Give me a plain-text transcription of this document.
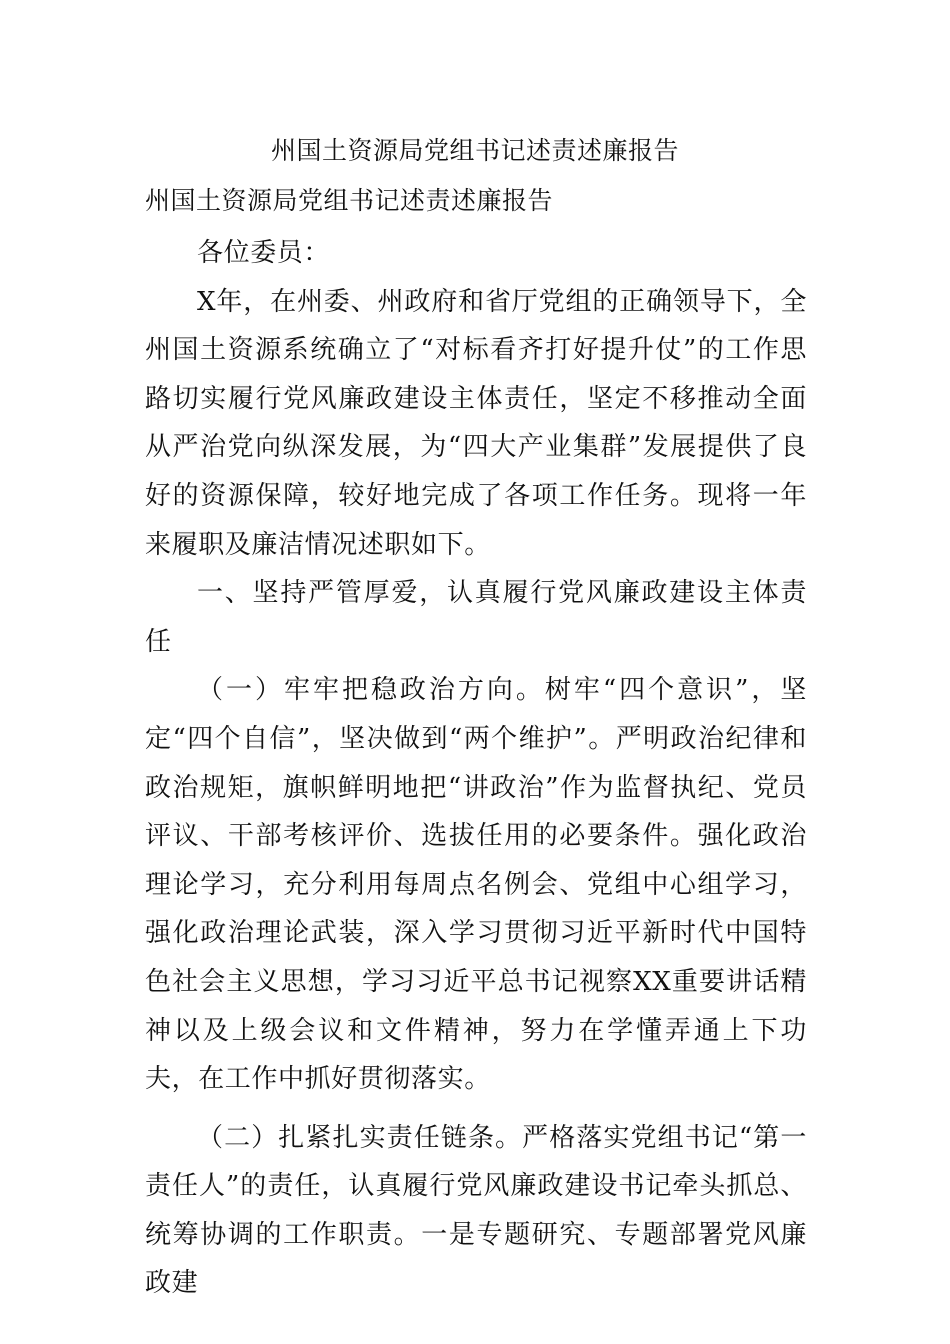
州国土资源局党组书记述责述廉报告
州国土资源局党组书记述责述廉报告

各位委员：

X年，在州委、州政府和省厅党组的正确领导下，全州国土资源系统确立了“对标看齐打好提升仗”的工作思路切实履行党风廉政建设主体责任，坚定不移推动全面从严治党向纵深发展，为“四大产业集群”发展提供了良好的资源保障，较好地完成了各项工作任务。现将一年来履职及廉洁情况述职如下。

一、坚持严管厚爱，认真履行党风廉政建设主体责任

（一）牢牢把稳政治方向。树牢“四个意识”，坚定“四个自信”，坚决做到“两个维护”。严明政治纪律和政治规矩，旗帜鲜明地把“讲政治”作为监督执纪、党员评议、干部考核评价、选拔任用的必要条件。强化政治理论学习，充分利用每周点名例会、党组中心组学习，强化政治理论武装，深入学习贯彻习近平新时代中国特色社会主义思想，学习习近平总书记视察XX重要讲话精神以及上级会议和文件精神，努力在学懂弄通上下功夫，在工作中抓好贯彻落实。

（二）扎紧扎实责任链条。严格落实党组书记“第一责任人”的责任，认真履行党风廉政建设书记牵头抓总、统筹协调的工作职责。一是专题研究、专题部署党风廉政建
